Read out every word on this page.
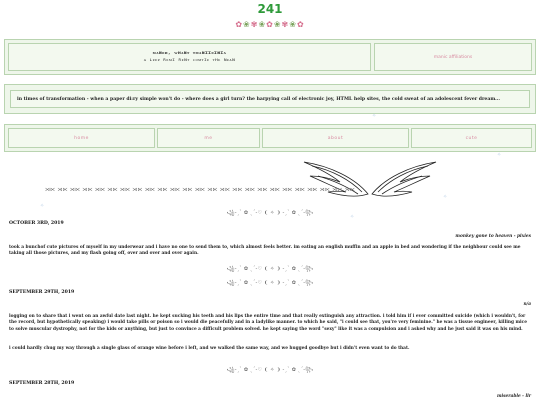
241
✿❀✾❀✿❀✾❀✿
ᴍᴀɴᴏᴎ, ᴡʜᴀɴᴛ ᴛᴍᴀɴɪɪᴏɪɴɪᴀ
ᴀ ʟᴇᴇᴘ ʀᴇᴍɪ ʀᴇɴᴛ ᴄᴏᴍᴛɪᴇ ᴛʜᴇ ɴᴇᴀɴ
manic affiliations
in times of transformation - when a paper di:ry simple won't do - where does a girl turn? the harpying call of electronic joy, HTML help sites, the cold sweat of an adolescent fever dream...
home	me	about	cute
✧
✧
✧
✧
✧
⋊⋉ ⋊⋉ ⋊⋉ ⋊⋉ ⋊⋉ ⋊⋉ ⋊⋉ ⋊⋉ ⋊⋉ ⋊⋉ ⋊⋉ ⋊⋉ ⋊⋉ ⋊⋉ ⋊⋉ ⋊⋉ ⋊⋉ ⋊⋉ ⋊⋉ ⋊⋉ ⋊⋉ ⋊⋉ ⋊⋉ ⋊⋉ ⋊⋉
꧁-ˏˋ ✿ ˎˊ-♡ ❨ ✧ ❩ -ˏˋ ✿ ˎˊ-꧂
OCTOBER 3RD, 2019
monkey gone to heaven - pixies
took a bunchof cute pictures of myself in my underwear and i have no one to send them to, which almost feels better. im eating an english muffin and an apple in bed and wondering if the neighbour could see me taking all those pictures, and my flash going off, over and over and over again.
꧁-ˏˋ ✿ ˎˊ-♡ ❨ ✧ ❩ -ˏˋ ✿ ˎˊ-꧂
꧁-ˏˋ ✿ ˎˊ-♡ ❨ ✧ ❩ -ˏˋ ✿ ˎˊ-꧂
SEPTEMBER 29TH, 2019
n/a
logging on to share that i went on an awful date last night. he kept sucking his teeth and his lips the entire time and that really extinguish any attraction. i told him if i ever committed suicide (which i wouldn't, for the record, but hypothetically speaking) i would take pills or poison so i would die peacefully and in a ladylike manner. to which he said, "i could see that, you're very feminine." he was a tissue engineer, killing mice to solve muscular dystrophy, not for the kids or anything, but just to convince a difficult problem solved. he kept saying the word "sexy" like it was a compulsion and i asked why and he just said it was on his mind.
i could hardly chug my way through a single glass of orange wine before i left, and we walked the same way, and we hugged goodbye but i didn't even want to do that.
꧁-ˏˋ ✿ ˎˊ-♡ ❨ ✧ ❩ -ˏˋ ✿ ˎˊ-꧂
SEPTEMBER 28TH, 2019
miserable - llr
